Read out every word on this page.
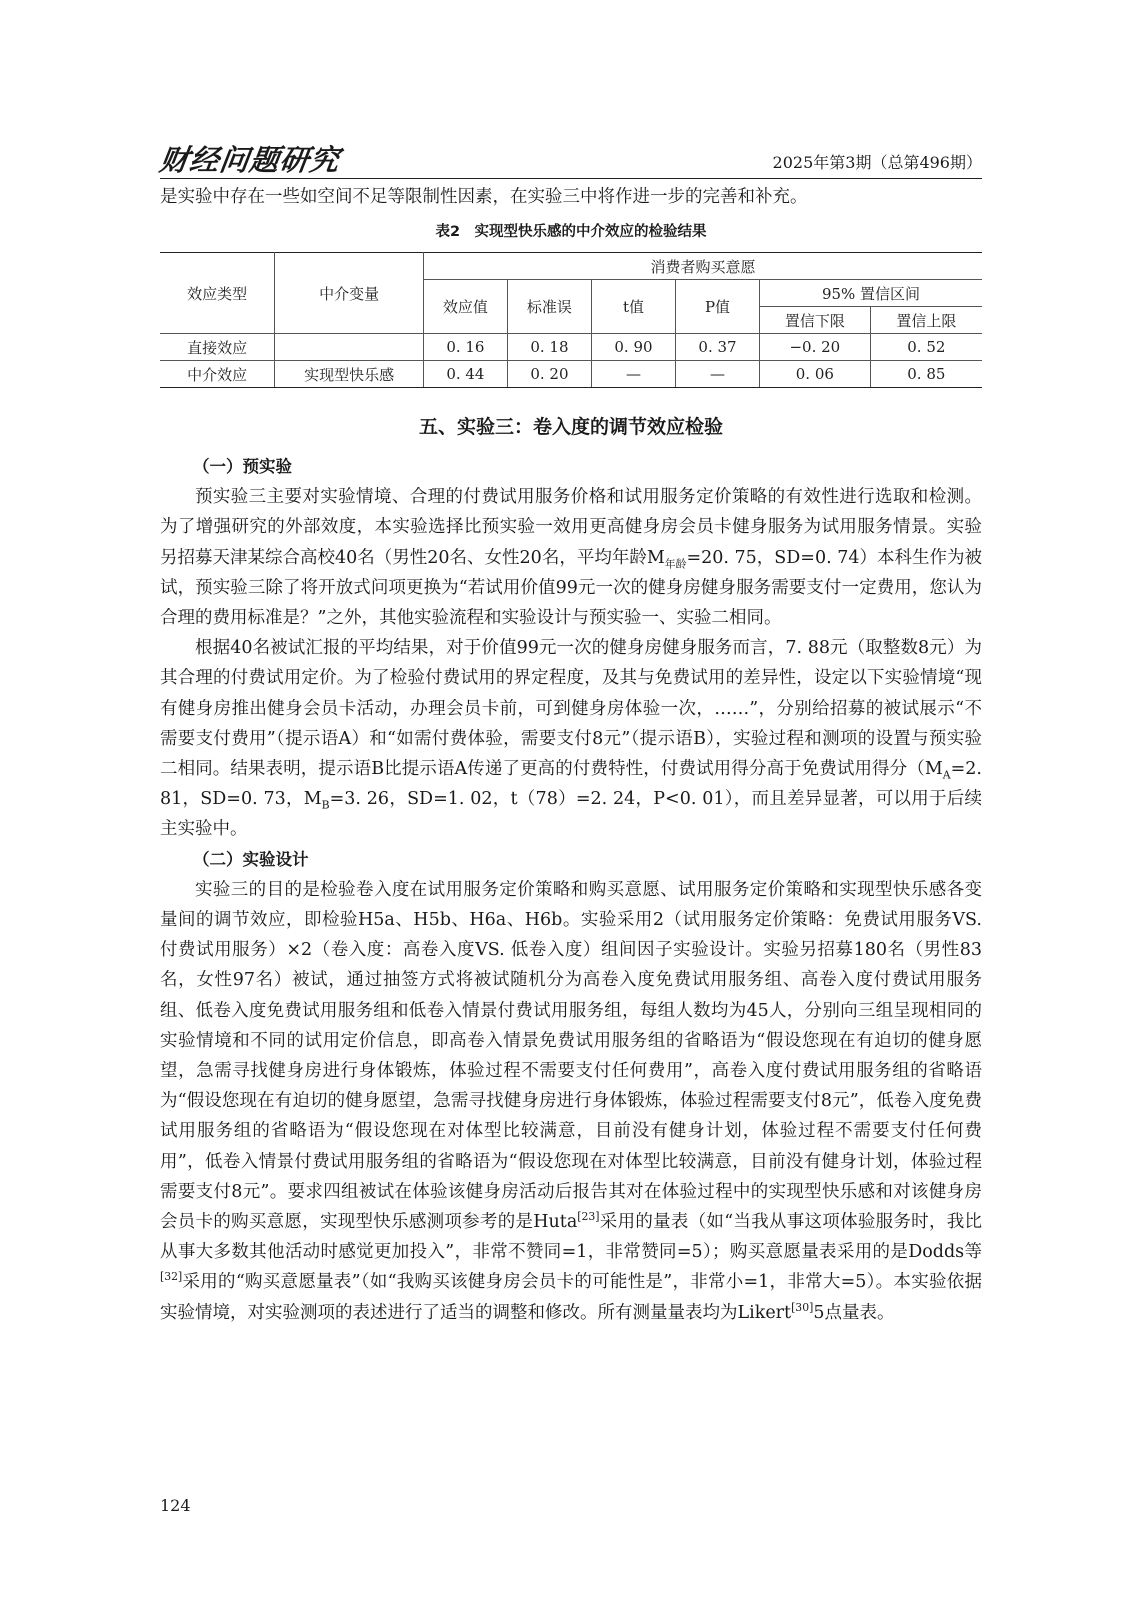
财经问题研究	2025年第3期（总第496期）

是实验中存在一些如空间不足等限制性因素，在实验三中将作进一步的完善和补充。

表2　实现型快乐感的中介效应的检验结果
效应类型	中介变量	消费者购买意愿					
		效应值	标准误	t值	P值	95% 置信区间	
						置信下限	置信上限
直接效应		0. 16	0. 18	0. 90	0. 37	−0. 20	0. 52
中介效应	实现型快乐感	0. 44	0. 20	—	—	0. 06	0. 85
五、实验三：卷入度的调节效应检验

（一）预实验

预实验三主要对实验情境、合理的付费试用服务价格和试用服务定价策略的有效性进行选取和检测。为了增强研究的外部效度，本实验选择比预实验一效用更高健身房会员卡健身服务为试用服务情景。实验另招募天津某综合高校40名（男性20名、女性20名，平均年龄$M_{年龄}=20$. 75，SD=0. 74）本科生作为被试，预实验三除了将开放式问项更换为“若试用价值99元一次的健身房健身服务需要支付一定费用，您认为合理的费用标准是？”之外，其他实验流程和实验设计与预实验一、实验二相同。

根据40名被试汇报的平均结果，对于价值99元一次的健身房健身服务而言，7. 88元（取整数8元）为其合理的付费试用定价。为了检验付费试用的界定程度，及其与免费试用的差异性，设定以下实验情境“现有健身房推出健身会员卡活动，办理会员卡前，可到健身房体验一次，……”，分别给招募的被试展示“不需要支付费用”（提示语A）和“如需付费体验，需要支付8元”（提示语B），实验过程和测项的设置与预实验二相同。结果表明，提示语B比提示语A传递了更高的付费特性，付费试用得分高于免费试用得分（$M_A=2$. 81，SD=0. 73，$M_B=3$. 26，SD=1. 02，t（78）=2. 24，P<0. 01），而且差异显著，可以用于后续主实验中。

（二）实验设计

实验三的目的是检验卷入度在试用服务定价策略和购买意愿、试用服务定价策略和实现型快乐感各变量间的调节效应，即检验H5a、H5b、H6a、H6b。实验采用2（试用服务定价策略：免费试用服务VS. 付费试用服务）×2（卷入度：高卷入度VS. 低卷入度）组间因子实验设计。实验另招募180名（男性83名，女性97名）被试，通过抽签方式将被试随机分为高卷入度免费试用服务组、高卷入度付费试用服务组、低卷入度免费试用服务组和低卷入情景付费试用服务组，每组人数均为45人，分别向三组呈现相同的实验情境和不同的试用定价信息，即高卷入情景免费试用服务组的省略语为“假设您现在有迫切的健身愿望，急需寻找健身房进行身体锻炼，体验过程不需要支付任何费用”，高卷入度付费试用服务组的省略语为“假设您现在有迫切的健身愿望，急需寻找健身房进行身体锻炼，体验过程需要支付8元”，低卷入度免费试用服务组的省略语为“假设您现在对体型比较满意，目前没有健身计划，体验过程不需要支付任何费用”，低卷入情景付费试用服务组的省略语为“假设您现在对体型比较满意，目前没有健身计划，体验过程需要支付8元”。要求四组被试在体验该健身房活动后报告其对在体验过程中的实现型快乐感和对该健身房会员卡的购买意愿，实现型快乐感测项参考的是Huta[23]采用的量表（如“当我从事这项体验服务时，我比从事大多数其他活动时感觉更加投入”，非常不赞同=1，非常赞同=5）；购买意愿量表采用的是Dodds等[32]采用的“购买意愿量表”（如“我购买该健身房会员卡的可能性是”，非常小=1，非常大=5）。本实验依据实验情境，对实验测项的表述进行了适当的调整和修改。所有测量量表均为Likert[30]5点量表。

124
